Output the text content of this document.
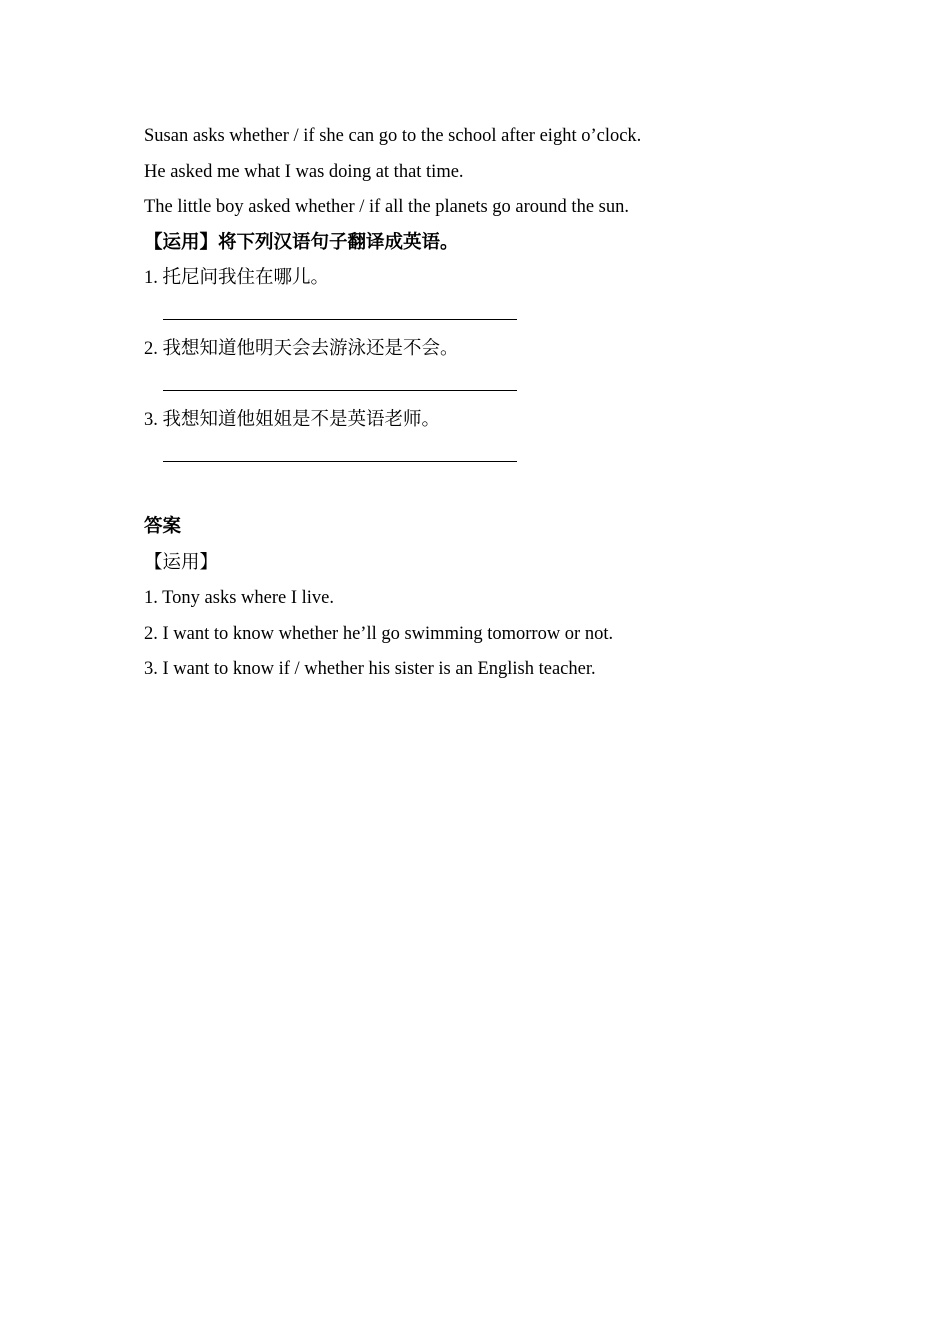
Susan asks whether / if she can go to the school after eight o’clock.
He asked me what I was doing at that time.
The little boy asked whether / if all the planets go around the sun.
【运用】将下列汉语句子翻译成英语。
1. 托尼问我住在哪儿。
2. 我想知道他明天会去游泳还是不会。
3. 我想知道他姐姐是不是英语老师。
答案
【运用】
1. Tony asks where I live.
2. I want to know whether he’ll go swimming tomorrow or not.
3. I want to know if / whether his sister is an English teacher.
